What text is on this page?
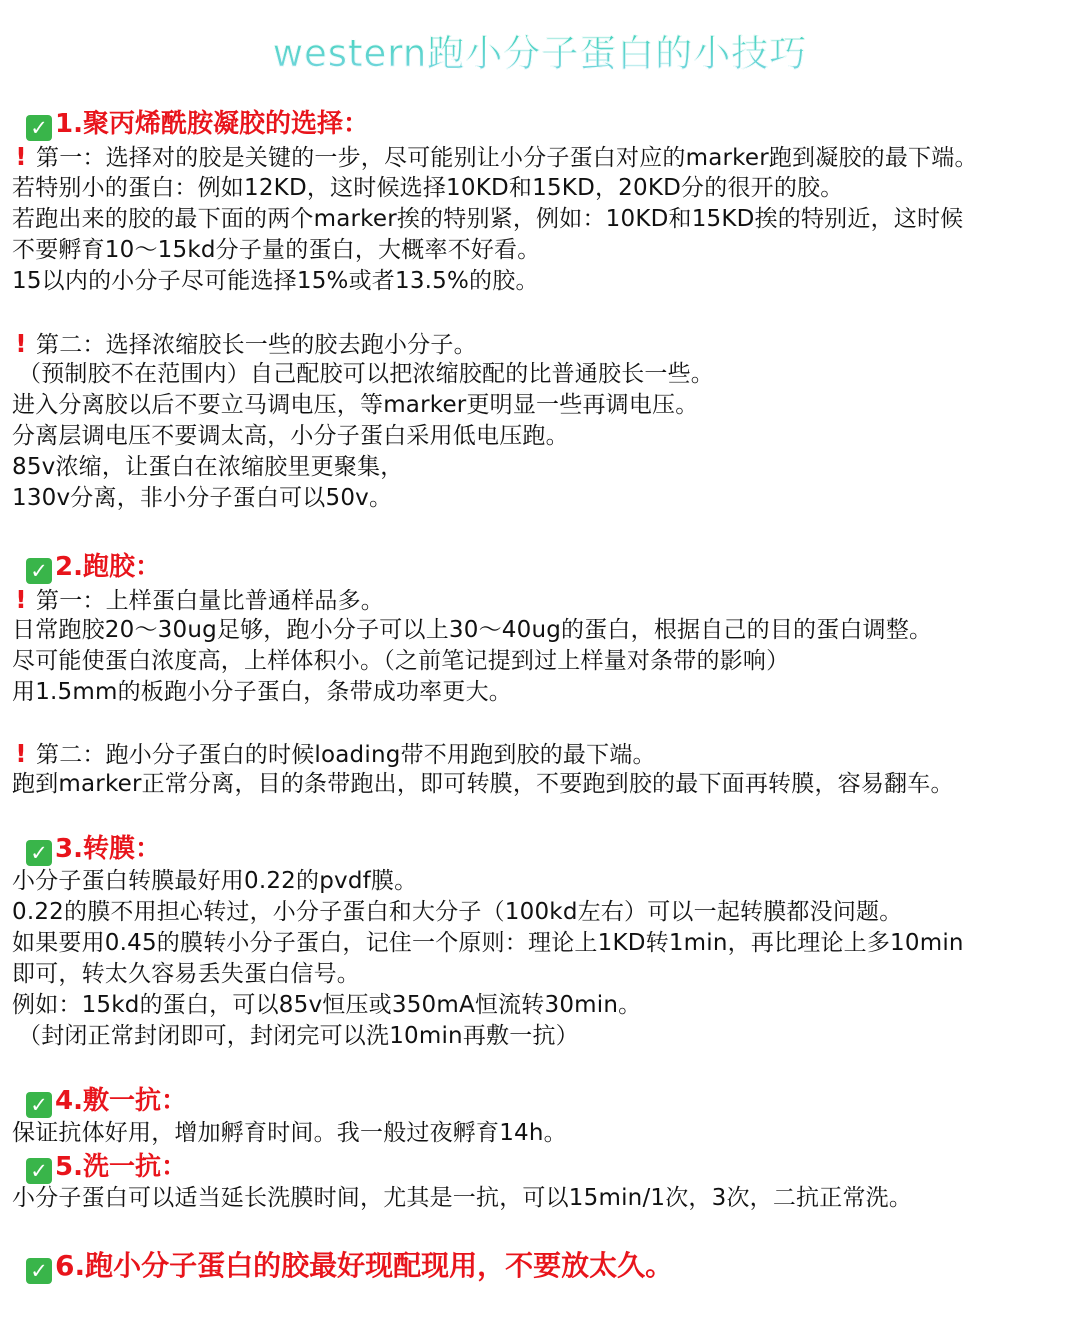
western跑小分子蛋白的小技巧
✓ 1.聚丙烯酰胺凝胶的选择：
! 第一：选择对的胶是关键的一步，尽可能别让小分子蛋白对应的marker跑到凝胶的最下端。
若特别小的蛋白：例如12KD，这时候选择10KD和15KD，20KD分的很开的胶。
若跑出来的胶的最下面的两个marker挨的特别紧，例如：10KD和15KD挨的特别近，这时候
不要孵育10～15kd分子量的蛋白，大概率不好看。
15以内的小分子尽可能选择15%或者13.5%的胶。
! 第二：选择浓缩胶长一些的胶去跑小分子。
（预制胶不在范围内）自己配胶可以把浓缩胶配的比普通胶长一些。
进入分离胶以后不要立马调电压，等marker更明显一些再调电压。
分离层调电压不要调太高，小分子蛋白采用低电压跑。
85v浓缩，让蛋白在浓缩胶里更聚集，
130v分离，非小分子蛋白可以50v。
✓ 2.跑胶：
! 第一：上样蛋白量比普通样品多。
日常跑胶20～30ug足够，跑小分子可以上30～40ug的蛋白，根据自己的目的蛋白调整。
尽可能使蛋白浓度高，上样体积小。（之前笔记提到过上样量对条带的影响）
用1.5mm的板跑小分子蛋白，条带成功率更大。
! 第二：跑小分子蛋白的时候loading带不用跑到胶的最下端。
跑到marker正常分离，目的条带跑出，即可转膜，不要跑到胶的最下面再转膜，容易翻车。
✓ 3.转膜：
小分子蛋白转膜最好用0.22的pvdf膜。
0.22的膜不用担心转过，小分子蛋白和大分子（100kd左右）可以一起转膜都没问题。
如果要用0.45的膜转小分子蛋白，记住一个原则：理论上1KD转1min，再比理论上多10min
即可，转太久容易丢失蛋白信号。
例如：15kd的蛋白，可以85v恒压或350mA恒流转30min。
（封闭正常封闭即可，封闭完可以洗10min再敷一抗）
✓ 4.敷一抗：
保证抗体好用，增加孵育时间。我一般过夜孵育14h。
✓ 5.洗一抗：
小分子蛋白可以适当延长洗膜时间，尤其是一抗，可以15min/1次，3次，二抗正常洗。
✓ 6.跑小分子蛋白的胶最好现配现用，不要放太久。
